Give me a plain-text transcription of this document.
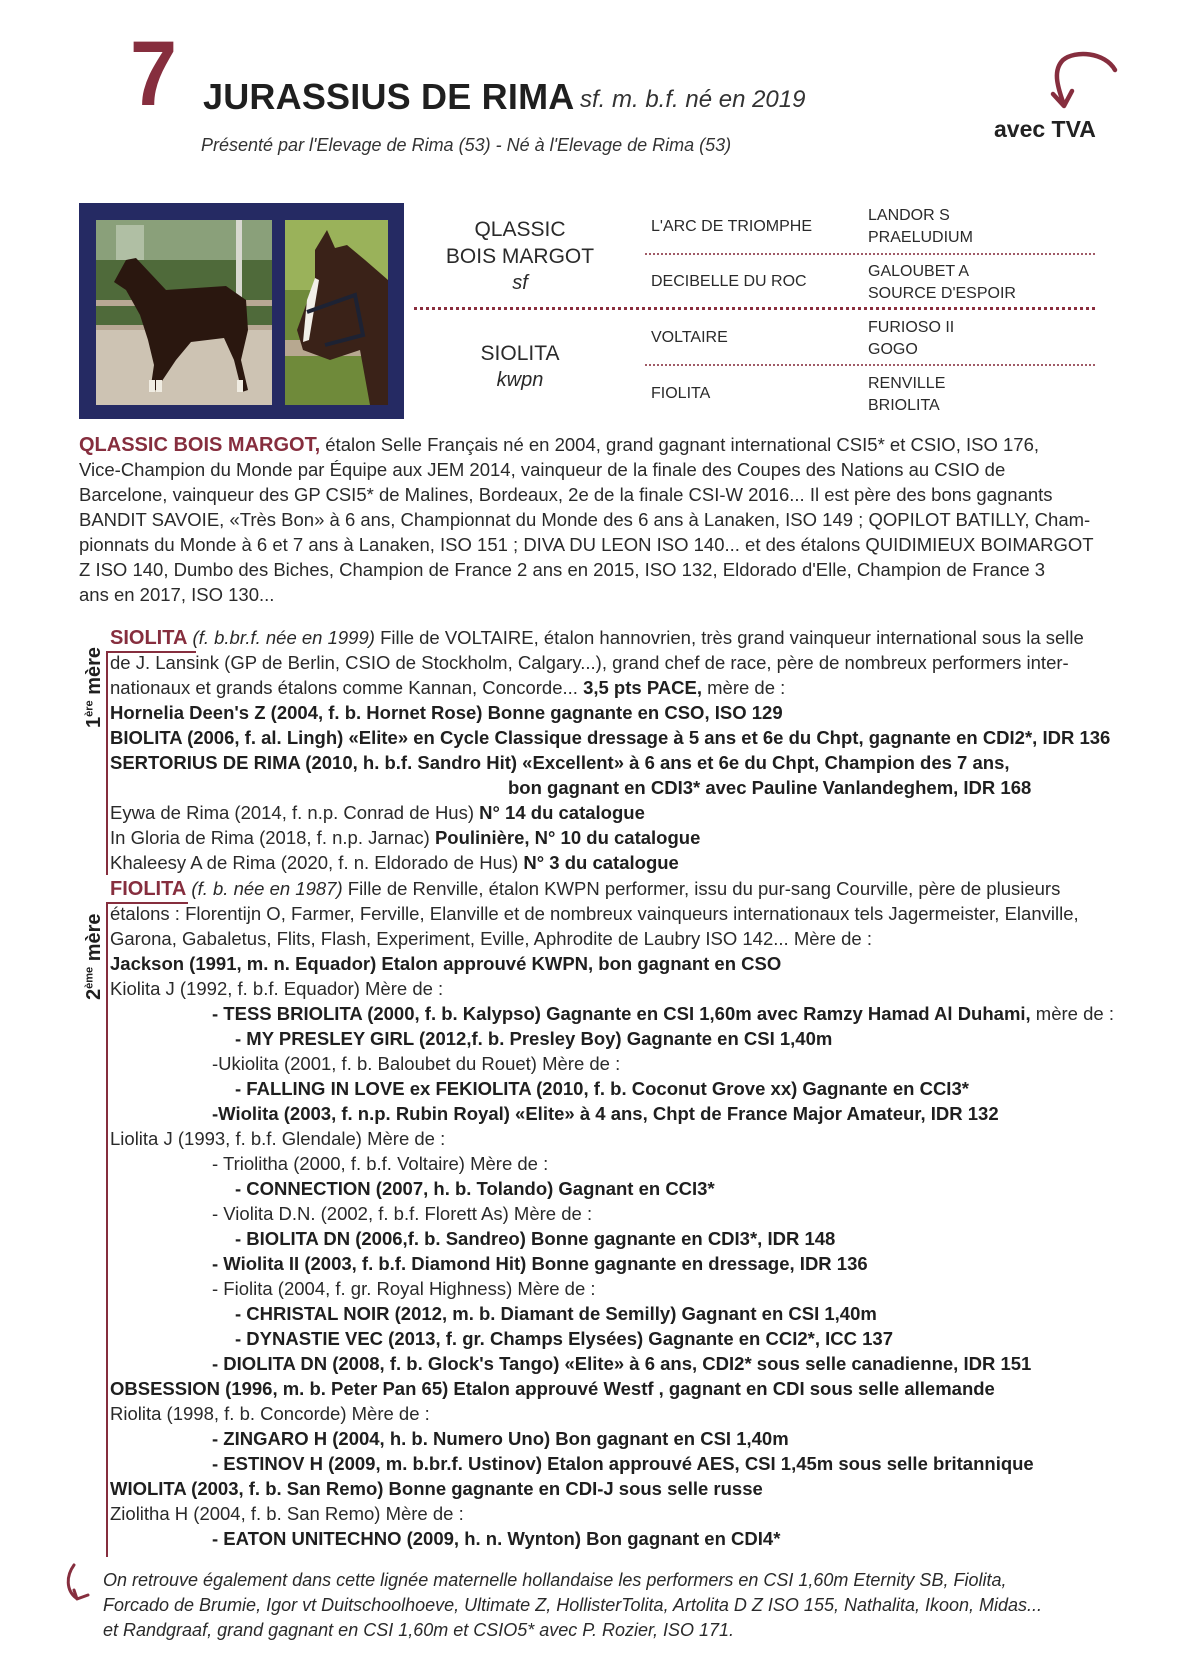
7 JURASSIUS DE RIMA sf. m. b.f. né en 2019
Présenté par l'Elevage de Rima (53) - Né à l'Elevage de Rima (53)
avec TVA
QLASSIC
BOIS MARGOT
sf
SIOLITA
kwpn
L'ARC DE TRIOMPHE
DECIBELLE DU ROC
VOLTAIRE
FIOLITA
LANDOR S
PRAELUDIUM
GALOUBET A
SOURCE D'ESPOIR
FURIOSO II
GOGO
RENVILLE
BRIOLITA
QLASSIC BOIS MARGOT, étalon Selle Français né en 2004, grand gagnant international CSI5* et CSIO, ISO 176,
Vice-Champion du Monde par Équipe aux JEM 2014, vainqueur de la finale des Coupes des Nations au CSIO de
Barcelone, vainqueur des GP CSI5* de Malines, Bordeaux, 2e de la finale CSI-W 2016... Il est père des bons gagnants
BANDIT SAVOIE, «Très Bon» à 6 ans, Championnat du Monde des 6 ans à Lanaken, ISO 149 ; QOPILOT BATILLY, Cham-
pionnats du Monde à 6 et 7 ans à Lanaken, ISO 151 ; DIVA DU LEON ISO 140... et des étalons QUIDIMIEUX BOIMARGOT
Z ISO 140, Dumbo des Biches, Champion de France 2 ans en 2015, ISO 132, Eldorado d'Elle, Champion de France 3
ans en 2017, ISO 130...
1ère mère
SIOLITA (f. b.br.f. née en 1999) Fille de VOLTAIRE, étalon hannovrien, très grand vainqueur international sous la selle
de J. Lansink (GP de Berlin, CSIO de Stockholm, Calgary...), grand chef de race, père de nombreux performers inter-
nationaux et grands étalons comme Kannan, Concorde... 3,5 pts PACE, mère de :
Hornelia Deen's Z (2004, f. b. Hornet Rose) Bonne gagnante en CSO, ISO 129
BIOLITA (2006, f. al. Lingh) «Elite» en Cycle Classique dressage à 5 ans et 6e du Chpt, gagnante en CDI2*, IDR 136
SERTORIUS DE RIMA (2010, h. b.f. Sandro Hit) «Excellent» à 6 ans et 6e du Chpt, Champion des 7 ans,
bon gagnant en CDI3* avec Pauline Vanlandeghem, IDR 168
Eywa de Rima (2014, f. n.p. Conrad de Hus) N° 14 du catalogue
In Gloria de Rima (2018, f. n.p. Jarnac) Poulinière, N° 10 du catalogue
Khaleesy A de Rima (2020, f. n. Eldorado de Hus) N° 3 du catalogue
2ème mère
FIOLITA (f. b. née en 1987) Fille de Renville, étalon KWPN performer, issu du pur-sang Courville, père de plusieurs
étalons : Florentijn O, Farmer, Ferville, Elanville et de nombreux vainqueurs internationaux tels Jagermeister, Elanville,
Garona, Gabaletus, Flits, Flash, Experiment, Eville, Aphrodite de Laubry ISO 142... Mère de :
Jackson (1991, m. n. Equador) Etalon approuvé KWPN, bon gagnant en CSO
Kiolita J (1992, f. b.f. Equador) Mère de :
- TESS BRIOLITA (2000, f. b. Kalypso) Gagnante en CSI 1,60m avec Ramzy Hamad Al Duhami, mère de :
- MY PRESLEY GIRL (2012,f. b. Presley Boy) Gagnante en CSI 1,40m
-Ukiolita (2001, f. b. Baloubet du Rouet) Mère de :
- FALLING IN LOVE ex FEKIOLITA (2010, f. b. Coconut Grove xx) Gagnante en CCI3*
-Wiolita (2003, f. n.p. Rubin Royal) «Elite» à 4 ans, Chpt de France Major Amateur, IDR 132
Liolita J (1993, f. b.f. Glendale) Mère de :
- Triolitha (2000, f. b.f. Voltaire) Mère de :
- CONNECTION (2007, h. b. Tolando) Gagnant en CCI3*
- Violita D.N. (2002, f. b.f. Florett As) Mère de :
- BIOLITA DN (2006,f. b. Sandreo) Bonne gagnante en CDI3*, IDR 148
- Wiolita II (2003, f. b.f. Diamond Hit) Bonne gagnante en dressage, IDR 136
- Fiolita (2004, f. gr. Royal Highness) Mère de :
- CHRISTAL NOIR (2012, m. b. Diamant de Semilly) Gagnant en CSI 1,40m
- DYNASTIE VEC (2013, f. gr. Champs Elysées) Gagnante en CCI2*, ICC 137
- DIOLITA DN (2008, f. b. Glock's Tango) «Elite» à 6 ans, CDI2* sous selle canadienne, IDR 151
OBSESSION (1996, m. b. Peter Pan 65) Etalon approuvé Westf , gagnant en CDI sous selle allemande
Riolita (1998, f. b. Concorde) Mère de :
- ZINGARO H (2004, h. b. Numero Uno) Bon gagnant en CSI 1,40m
- ESTINOV H (2009, m. b.br.f. Ustinov) Etalon approuvé AES, CSI 1,45m sous selle britannique
WIOLITA (2003, f. b. San Remo) Bonne gagnante en CDI-J sous selle russe
Ziolitha H (2004, f. b. San Remo) Mère de :
- EATON UNITECHNO (2009, h. n. Wynton) Bon gagnant en CDI4*
On retrouve également dans cette lignée maternelle hollandaise les performers en CSI 1,60m Eternity SB, Fiolita,
Forcado de Brumie, Igor vt Duitschoolhoeve, Ultimate Z, HollisterTolita, Artolita D Z ISO 155, Nathalita, Ikoon, Midas...
et Randgraaf, grand gagnant en CSI 1,60m et CSIO5* avec P. Rozier, ISO 171.
